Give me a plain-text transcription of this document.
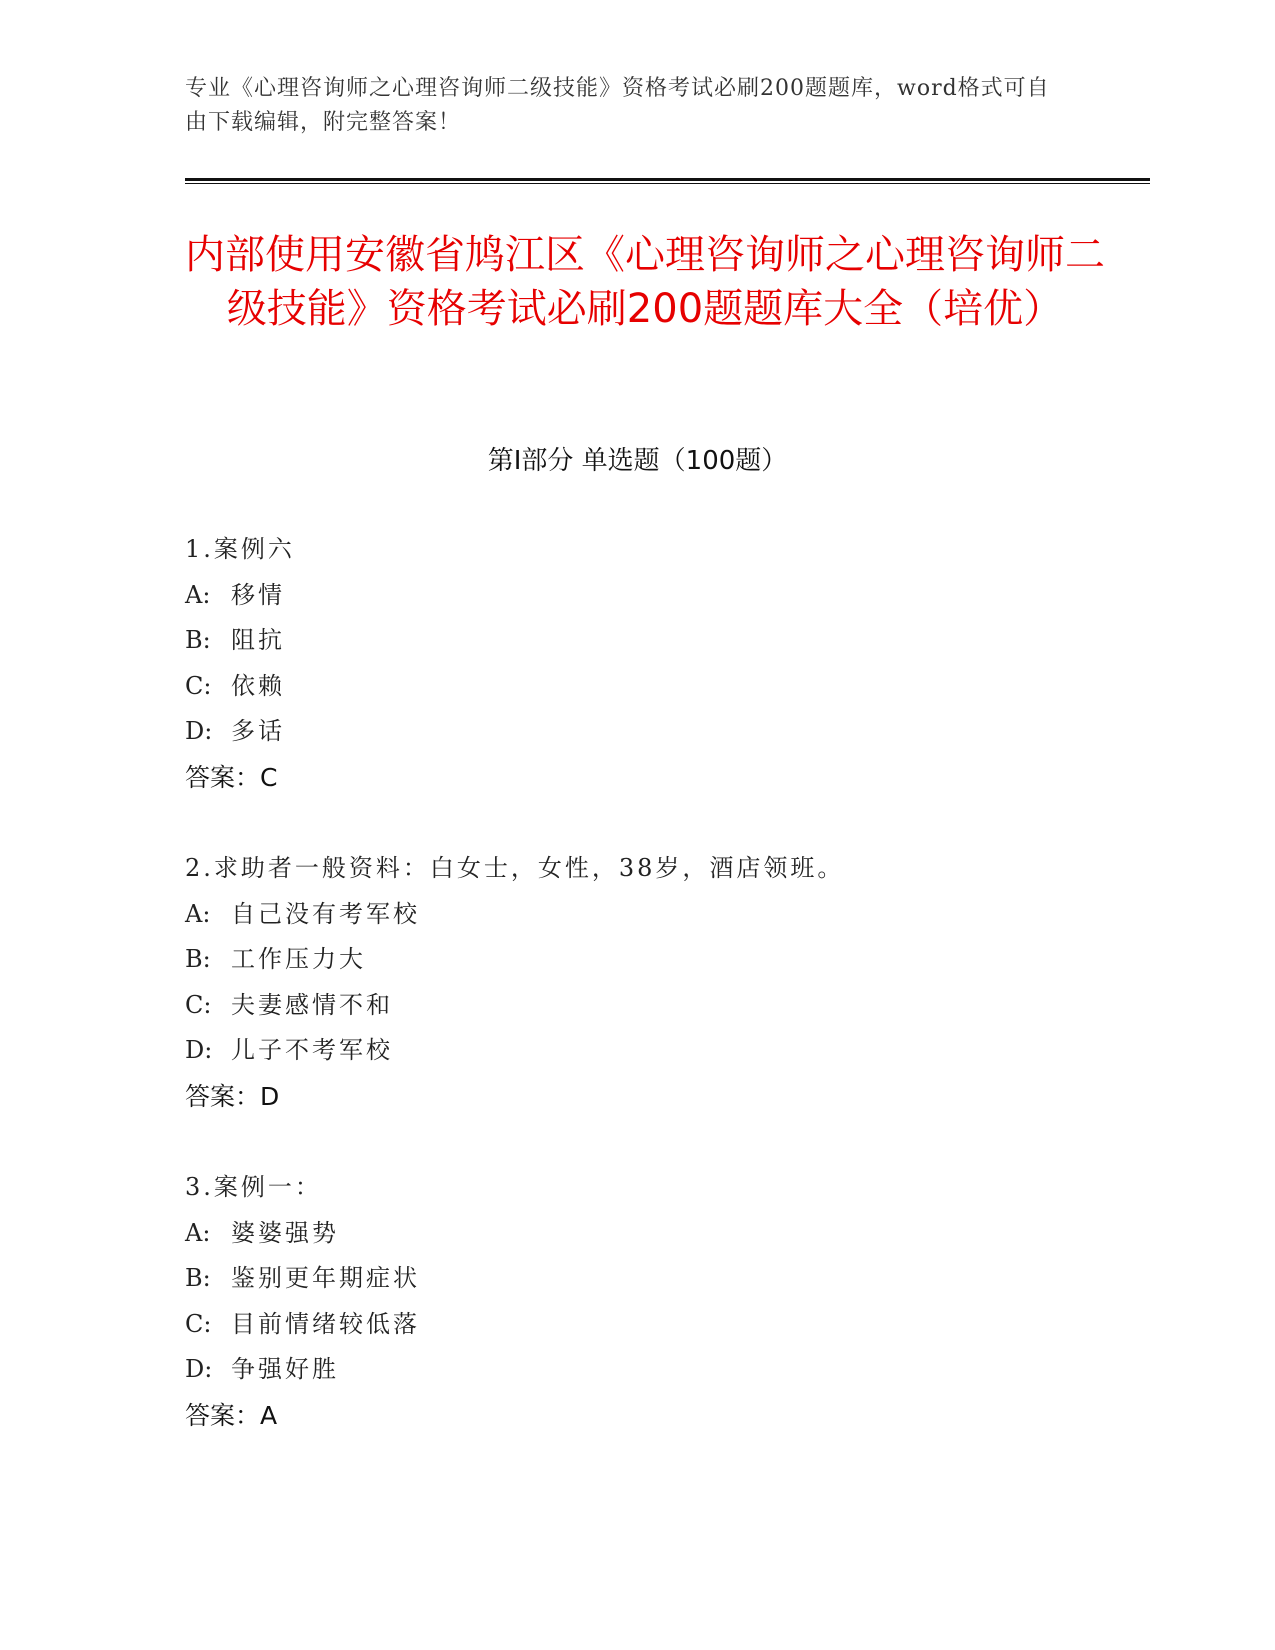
专业《心理咨询师之心理咨询师二级技能》资格考试必刷200题题库，word格式可自由下载编辑，附完整答案！
内部使用安徽省鸠江区《心理咨询师之心理咨询师二级技能》资格考试必刷200题题库大全（培优）
第Ⅰ部分 单选题（100题）
1.案例六
A: 移情
B: 阻抗
C: 依赖
D: 多话
答案：C
2.求助者一般资料：白女士，女性，38岁，酒店领班。
A: 自己没有考军校
B: 工作压力大
C: 夫妻感情不和
D: 儿子不考军校
答案：D
3.案例一：
A: 婆婆强势
B: 鉴别更年期症状
C: 目前情绪较低落
D: 争强好胜
答案：A
